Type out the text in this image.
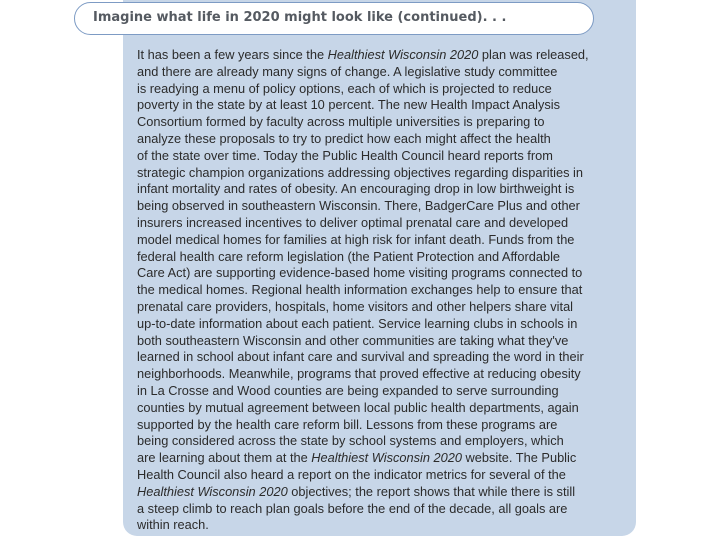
Imagine what life in 2020 might look like (continued). . .
It has been a few years since the Healthiest Wisconsin 2020 plan was released,
and there are already many signs of change. A legislative study committee
is readying a menu of policy options, each of which is projected to reduce
poverty in the state by at least 10 percent. The new Health Impact Analysis
Consortium formed by faculty across multiple universities is preparing to
analyze these proposals to try to predict how each might affect the health
of the state over time. Today the Public Health Council heard reports from
strategic champion organizations addressing objectives regarding disparities in
infant mortality and rates of obesity. An encouraging drop in low birthweight is
being observed in southeastern Wisconsin. There, BadgerCare Plus and other
insurers increased incentives to deliver optimal prenatal care and developed
model medical homes for families at high risk for infant death. Funds from the
federal health care reform legislation (the Patient Protection and Affordable
Care Act) are supporting evidence-based home visiting programs connected to
the medical homes. Regional health information exchanges help to ensure that
prenatal care providers, hospitals, home visitors and other helpers share vital
up-to-date information about each patient. Service learning clubs in schools in
both southeastern Wisconsin and other communities are taking what they've
learned in school about infant care and survival and spreading the word in their
neighborhoods. Meanwhile, programs that proved effective at reducing obesity
in La Crosse and Wood counties are being expanded to serve surrounding
counties by mutual agreement between local public health departments, again
supported by the health care reform bill. Lessons from these programs are
being considered across the state by school systems and employers, which
are learning about them at the Healthiest Wisconsin 2020 website. The Public
Health Council also heard a report on the indicator metrics for several of the
Healthiest Wisconsin 2020 objectives; the report shows that while there is still
a steep climb to reach plan goals before the end of the decade, all goals are
within reach.
